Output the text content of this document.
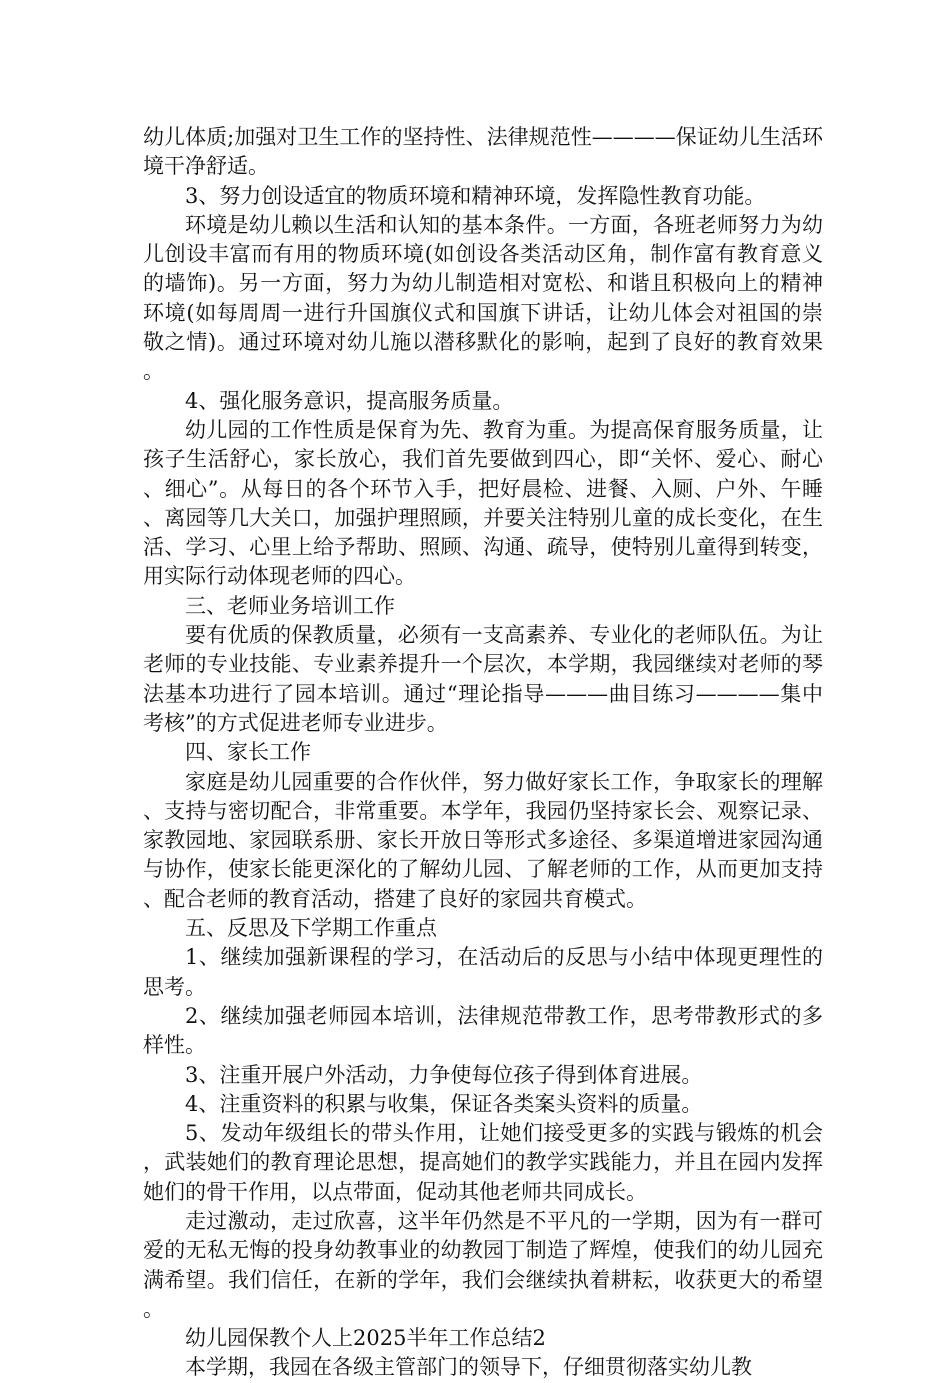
幼儿体质;加强对卫生工作的坚持性、法律规范性————保证幼儿生活环境干净舒适。

3、努力创设适宜的物质环境和精神环境，发挥隐性教育功能。

环境是幼儿赖以生活和认知的基本条件。一方面，各班老师努力为幼儿创设丰富而有用的物质环境(如创设各类活动区角，制作富有教育意义的墙饰)。另一方面，努力为幼儿制造相对宽松、和谐且积极向上的精神环境(如每周周一进行升国旗仪式和国旗下讲话，让幼儿体会对祖国的崇敬之情)。通过环境对幼儿施以潜移默化的影响，起到了良好的教育效果。

4、强化服务意识，提高服务质量。

幼儿园的工作性质是保育为先、教育为重。为提高保育服务质量，让孩子生活舒心，家长放心，我们首先要做到四心，即“关怀、爱心、耐心、细心”。从每日的各个环节入手，把好晨检、进餐、入厕、户外、午睡、离园等几大关口，加强护理照顾，并要关注特别儿童的成长变化，在生活、学习、心里上给予帮助、照顾、沟通、疏导，使特别儿童得到转变，用实际行动体现老师的四心。

三、老师业务培训工作

要有优质的保教质量，必须有一支高素养、专业化的老师队伍。为让老师的专业技能、专业素养提升一个层次，本学期，我园继续对老师的琴法基本功进行了园本培训。通过“理论指导———曲目练习————集中考核”的方式促进老师专业进步。

四、家长工作

家庭是幼儿园重要的合作伙伴，努力做好家长工作，争取家长的理解、支持与密切配合，非常重要。本学年，我园仍坚持家长会、观察记录、家教园地、家园联系册、家长开放日等形式多途径、多渠道增进家园沟通与协作，使家长能更深化的了解幼儿园、了解老师的工作，从而更加支持、配合老师的教育活动，搭建了良好的家园共育模式。

五、反思及下学期工作重点

1、继续加强新课程的学习，在活动后的反思与小结中体现更理性的思考。

2、继续加强老师园本培训，法律规范带教工作，思考带教形式的多样性。

3、注重开展户外活动，力争使每位孩子得到体育进展。

4、注重资料的积累与收集，保证各类案头资料的质量。

5、发动年级组长的带头作用，让她们接受更多的实践与锻炼的机会，武装她们的教育理论思想，提高她们的教学实践能力，并且在园内发挥她们的骨干作用，以点带面，促动其他老师共同成长。

走过激动，走过欣喜，这半年仍然是不平凡的一学期，因为有一群可爱的无私无悔的投身幼教事业的幼教园丁制造了辉煌，使我们的幼儿园充满希望。我们信任，在新的学年，我们会继续执着耕耘，收获更大的希望。

幼儿园保教个人上2025半年工作总结2

本学期，我园在各级主管部门的领导下，仔细贯彻落实幼儿教
